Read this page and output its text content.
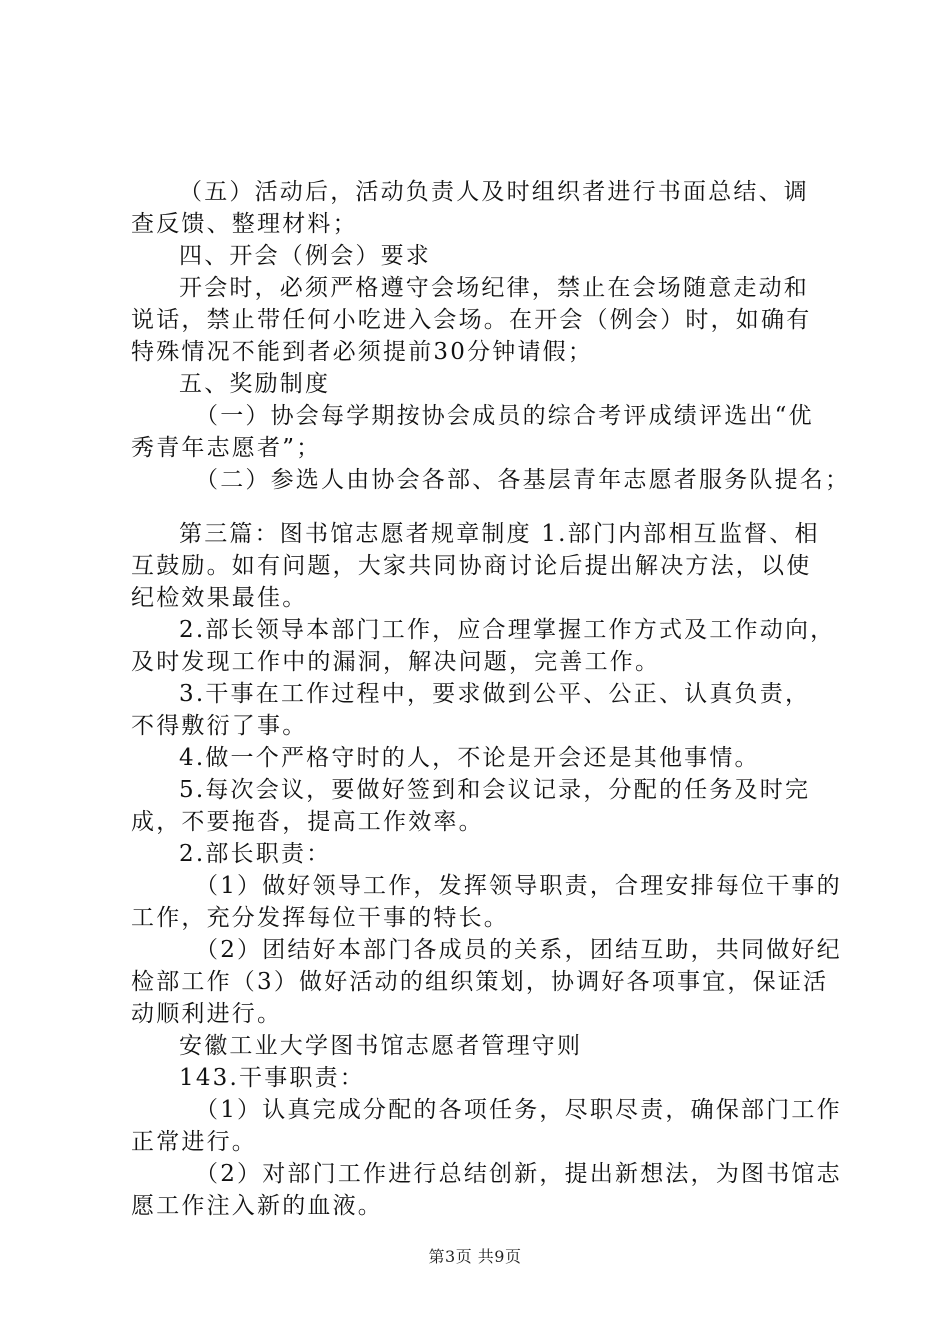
（五）活动后，活动负责人及时组织者进行书面总结、调
查反馈、整理材料；

四、开会（例会）要求

开会时，必须严格遵守会场纪律，禁止在会场随意走动和
说话，禁止带任何小吃进入会场。在开会（例会）时，如确有
特殊情况不能到者必须提前30分钟请假；

五、奖励制度

（一）协会每学期按协会成员的综合考评成绩评选出“优
秀青年志愿者”；

（二）参选人由协会各部、各基层青年志愿者服务队提名；

第三篇：图书馆志愿者规章制度 1.部门内部相互监督、相
互鼓励。如有问题，大家共同协商讨论后提出解决方法，以使
纪检效果最佳。

2.部长领导本部门工作，应合理掌握工作方式及工作动向，
及时发现工作中的漏洞，解决问题，完善工作。

3.干事在工作过程中，要求做到公平、公正、认真负责，
不得敷衍了事。

4.做一个严格守时的人，不论是开会还是其他事情。

5.每次会议，要做好签到和会议记录，分配的任务及时完
成，不要拖沓，提高工作效率。

2.部长职责：

（1）做好领导工作，发挥领导职责，合理安排每位干事的
工作，充分发挥每位干事的特长。

（2）团结好本部门各成员的关系，团结互助，共同做好纪
检部工作（3）做好活动的组织策划，协调好各项事宜，保证活
动顺利进行。

安徽工业大学图书馆志愿者管理守则

143.干事职责：

（1）认真完成分配的各项任务，尽职尽责，确保部门工作
正常进行。

（2）对部门工作进行总结创新，提出新想法，为图书馆志
愿工作注入新的血液。

第3页 共9页
